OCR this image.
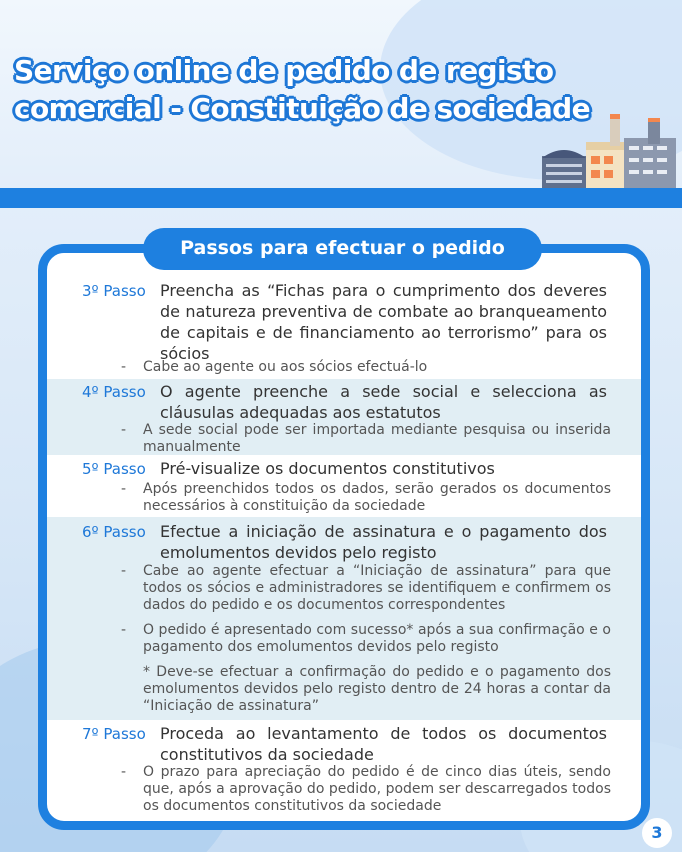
Serviço online de pedido de registo
comercial - Constituição de sociedade
Passos para efectuar o pedido
3º Passo Preencha as “Fichas para o cumprimento dos deveres de natureza preventiva de combate ao branqueamento de capitais e de financiamento ao terrorismo” para os sócios
-	Cabe ao agente ou aos sócios efectuá-lo
4º Passo O agente preenche a sede social e selecciona as cláusulas adequadas aos estatutos
-	A sede social pode ser importada mediante pesquisa ou inserida manualmente
5º Passo Pré-visualize os documentos constitutivos
-	Após preenchidos todos os dados, serão gerados os documentos necessários à constituição da sociedade
6º Passo Efectue a iniciação de assinatura e o pagamento dos emolumentos devidos pelo registo
-	Cabe ao agente efectuar a “Iniciação de assinatura” para que todos os sócios e administradores se identifiquem e confirmem os dados do pedido e os documentos correspondentes
-	O pedido é apresentado com sucesso* após a sua confirmação e o pagamento dos emolumentos devidos pelo registo
* Deve-se efectuar a confirmação do pedido e o pagamento dos emolumentos devidos pelo registo dentro de 24 horas a contar da “Iniciação de assinatura”
7º Passo Proceda ao levantamento de todos os documentos constitutivos da sociedade
-	O prazo para apreciação do pedido é de cinco dias úteis, sendo que, após a aprovação do pedido, podem ser descarregados todos os documentos constitutivos da sociedade
3
